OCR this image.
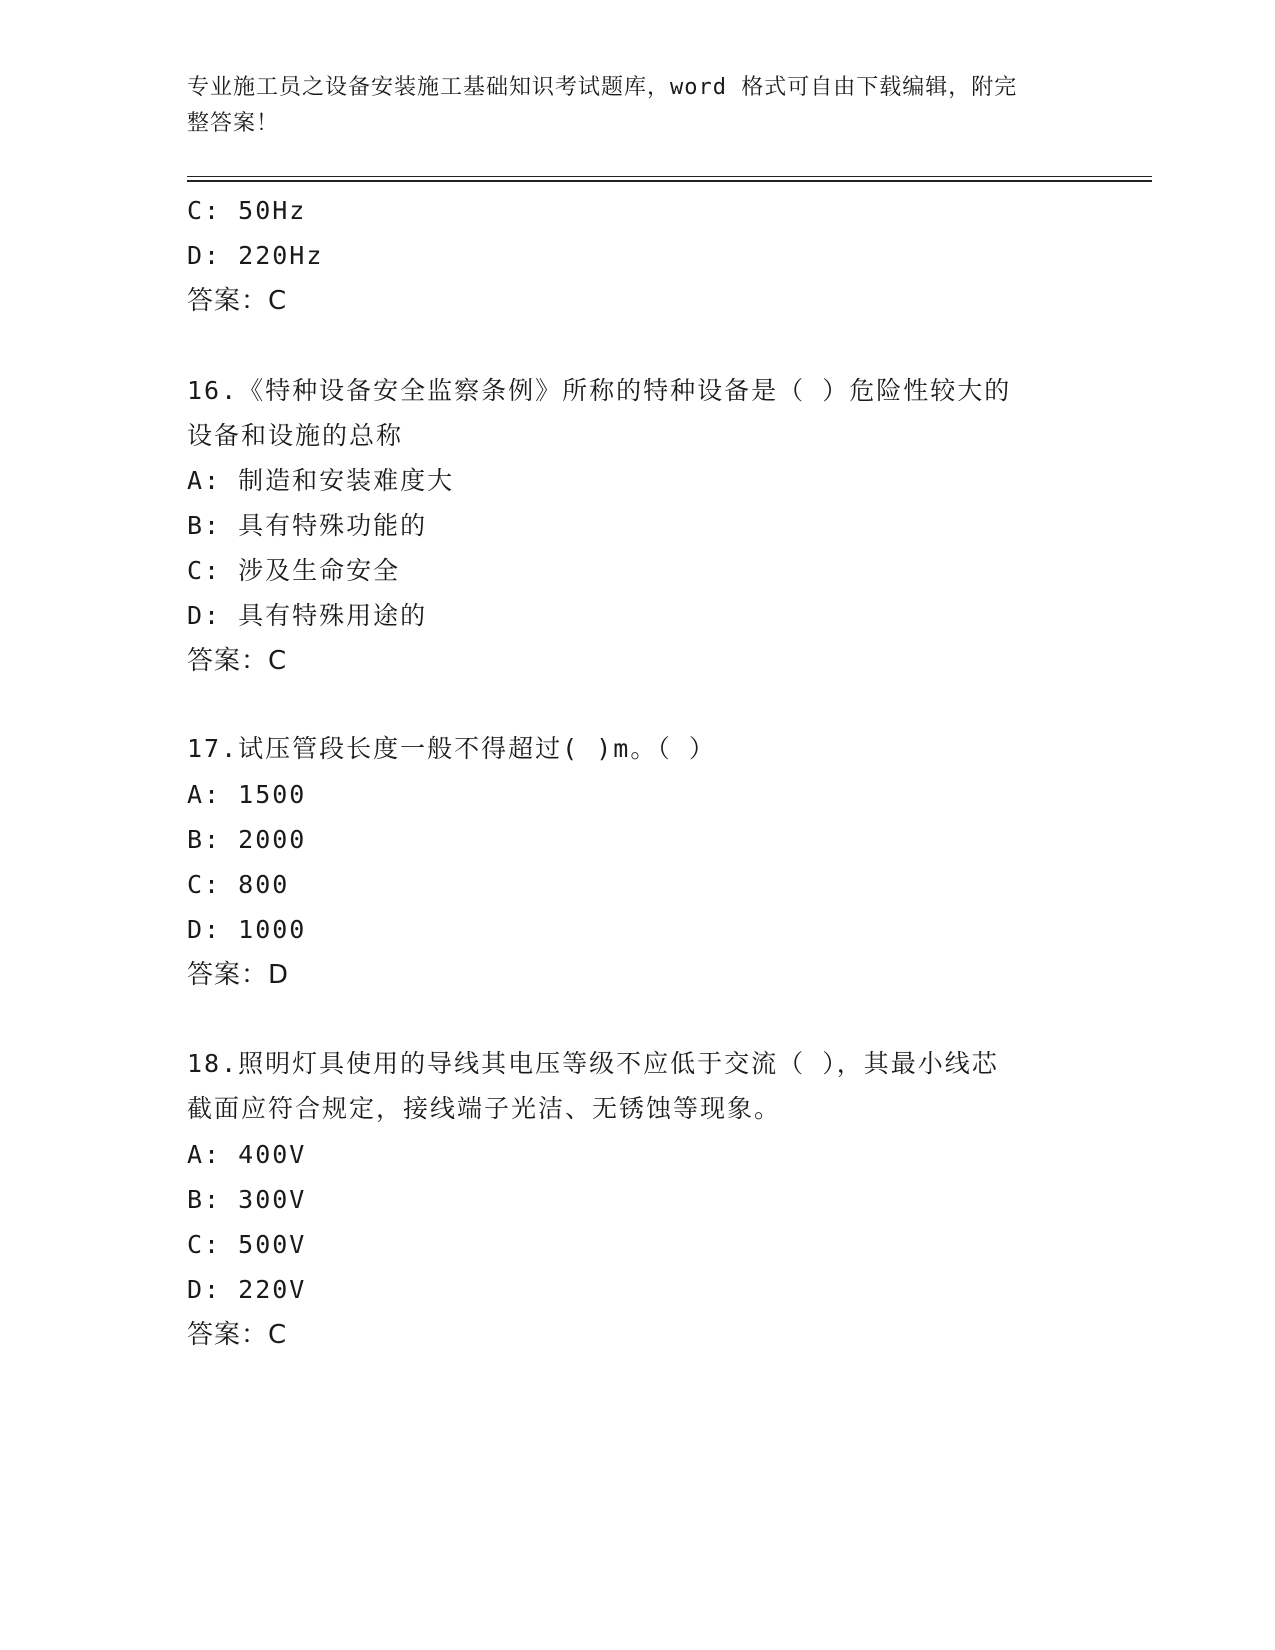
专业施工员之设备安装施工基础知识考试题库，word 格式可自由下载编辑，附完
整答案！
C: 50Hz
D: 220Hz
答案：C
16.《特种设备安全监察条例》所称的特种设备是（ ）危险性较大的
设备和设施的总称
A: 制造和安装难度大
B: 具有特殊功能的
C: 涉及生命安全
D: 具有特殊用途的
答案：C
17.试压管段长度一般不得超过( )m。（ ）
A: 1500
B: 2000
C: 800
D: 1000
答案：D
18.照明灯具使用的导线其电压等级不应低于交流（ ），其最小线芯
截面应符合规定，接线端子光洁、无锈蚀等现象。
A: 400V
B: 300V
C: 500V
D: 220V
答案：C
